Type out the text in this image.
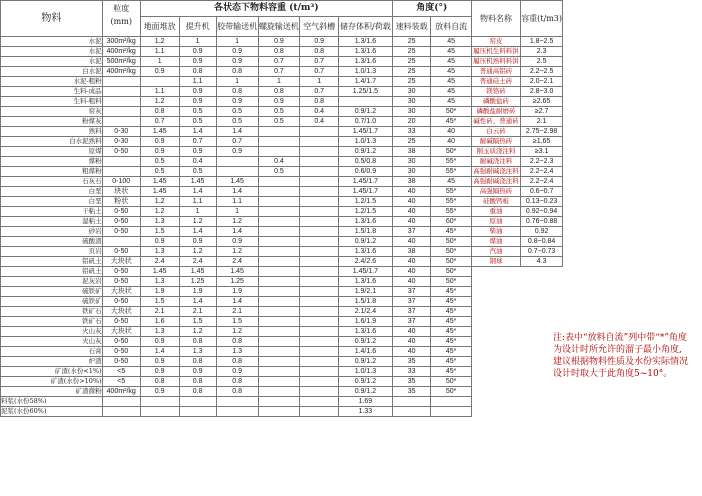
物料	粒度	各状态下物料容重 (t/m³)						角度(°)		物料名称	容重(t/m3)	
	(mm)	地面堆放	提升机	胶带输送机	螺旋输送机	空气斜槽	储存体积/荷载	速料装载	放料自流			

水泥	300m²/kg	1.2	1	1	0.9	0.9	1.3/1.6	25	45	窑皮	1.8~2.5	
水泥	400m²/kg	1.1	0.9	0.9	0.8	0.8	1.3/1.6	25	45	履压机生料料饼	2.3	
水泥	500m²/kg	1	0.9	0.9	0.7	0.7	1.3/1.6	25	45	履压机熟料料饼	2.5	
白水泥	400m²/kg	0.9	0.8	0.8	0.7	0.7	1.0/1.3	25	45	普通高铝砖	2.2~2.5	
水泥-粗粉			1.1	1	1	1	1.4/1.7	25	45	普通硅土砖	2.0~2.1	
生料-成品		1.1	0.9	0.8	0.8	0.7	1.25/1.5	30	45	镁铬砖	2.8~3.0	
生料-粗料		1.2	0.9	0.9	0.9	0.8		30	45	磷酸盐砖	≥2.65	
窑灰		0.8	0.5	0.5	0.5	0.4	0.9/1.2	30	50*	磷酸盐耐磨砖	≥2.7	
粉煤灰		0.7	0.5	0.5	0.5	0.4	0.7/1.0	20	45*	碱性砖、普通砖	2.1	
熟料	0-30	1.45	1.4	1.4			1.45/1.7	33	40	白云砖	2.75~2.98	
白水泥熟料	0-30	0.9	0.7	0.7			1.0/1.3	25	40	耐碱隔热砖	≥1.65	
原煤	0-50	0.9	0.9	0.9			0.9/1.2	38	50*	刚玉质浇注料	≥3.1	
煤粉		0.5	0.4		0.4		0.5/0.8	30	55*	耐碱浇注料	2.2~2.3	
粗煤粉		0.5	0.5		0.5		0.6/0.9	30	55*	高强耐碱浇注料	2.2~2.4	
石灰石	0-100	1.45	1.45	1.45			1.45/1.7	38	45	高强耐碱浇注料	2.2~2.4	
白垩	块状	1.45	1.4	1.4			1.45/1.7	40	55*	高强隔热砖	0.6~0.7	
白垩	粉状	1.2	1.1	1.1			1.2/1.5	40	55*	硅酸钙板	0.13~0.23	
干粘土	0-50	1.2	1	1			1.2/1.5	40	55*	重油	0.92~0.94	
湿粘土	0-50	1.3	1.2	1.2			1.3/1.6	40	60*	原油	0.76~0.88	
砂岩	0-50	1.5	1.4	1.4			1.5/1.8	37	45*	柴油	0.92	
硫酸渣		0.9	0.9	0.9			0.9/1.2	40	50*	煤油	0.8~0.84	
页岩	0-50	1.3	1.2	1.2			1.3/1.6	38	50*	汽油	0.7~0.73	
铝矾土	大块状	2.4	2.4	2.4			2.4/2.6	40	50*	钢球	4.3	
铝矾土	0-50	1.45	1.45	1.45			1.45/1.7	40	50*			
泥灰岩	0-50	1.3	1.25	1.25			1.3/1.6	40	50*			
硫铁矿	大块状	1.9	1.9	1.9			1.9/2.1	37	45*			
硫铁矿	0-50	1.5	1.4	1.4			1.5/1.8	37	45*			
铁矿石	大块状	2.1	2.1	2.1			2.1/2.4	37	45*			
铁矿石	0-50	1.6	1.5	1.5			1.6/1.9	37	45*			
火山灰	大块状	1.3	1.2	1.2			1.3/1.6	40	45*			
火山灰	0-50	0.9	0.8	0.8			0.9/1.2	40	45*			
石膏	0-50	1.4	1.3	1.3			1.4/1.6	40	45*			
炉渣	0-50	0.9	0.8	0.8			0.9/1.2	35	45*			
矿渣(水份<1%)	<5	0.9	0.9	0.9			1.0/1.3	33	45*			
矿渣(水份>10%)	<5	0.8	0.8	0.8			0.9/1.2	35	50*			
矿渣微粉	400m²/kg	0.9	0.8	0.8			0.9/1.2	35	50*			
料浆(水份58%)							1.69					
泥浆(水份60%)							1.33					
注:表中“放料自流”列中带“*”角度为设计时所允许的溜子最小角度,建议根据物料性质及水份实际情况设计时取大于此角度5~10°。
